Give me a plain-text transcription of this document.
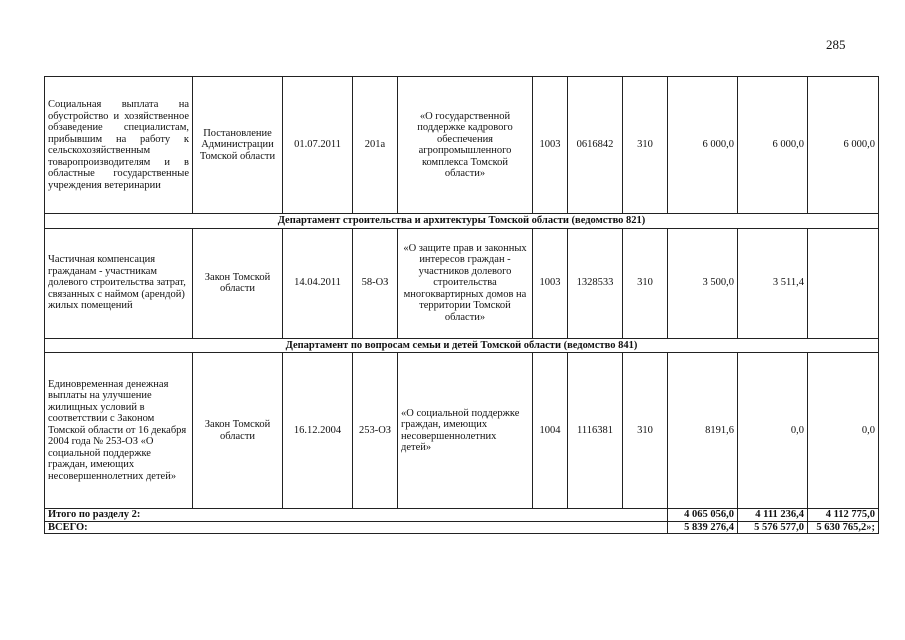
285
Социальная выплата на обустройство и хозяйственное обзаведение специалистам, прибывшим на работу к сельскохозяйственным товаропроизводителям и в областные государственные учреждения ветеринарии	Постановление Администрации Томской области	01.07.2011	201а	«О государственной поддержке кадрового обеспечения агропромышленного комплекса Томской области»	1003	0616842	310	6 000,0	6 000,0	6 000,0
Департамент строительства и архитектуры Томской области (ведомство 821)										
Частичная компенсация гражданам - участникам долевого строительства затрат, связанных с наймом (арендой) жилых помещений	Закон Томской области	14.04.2011	58-ОЗ	«О защите прав и законных интересов граждан - участников долевого строительства многоквартирных домов на территории Томской области»	1003	1328533	310	3 500,0	3 511,4	
Департамент по вопросам семьи и детей Томской области (ведомство 841)										
Единовременная денежная выплаты на улучшение жилищных условий в соответствии с Законом Томской области от 16 декабря 2004 года № 253-ОЗ «О социальной поддержке граждан, имеющих несовершеннолетних детей»	Закон Томской области	16.12.2004	253-ОЗ	«О социальной поддержке граждан, имеющих несовершеннолетних детей»	1004	1116381	310	8191,6	0,0	0,0
Итого по разделу 2:								4 065 056,0	4 111 236,4	4 112 775,0
ВСЕГО:								5 839 276,4	5 576 577,0	5 630 765,2»;
